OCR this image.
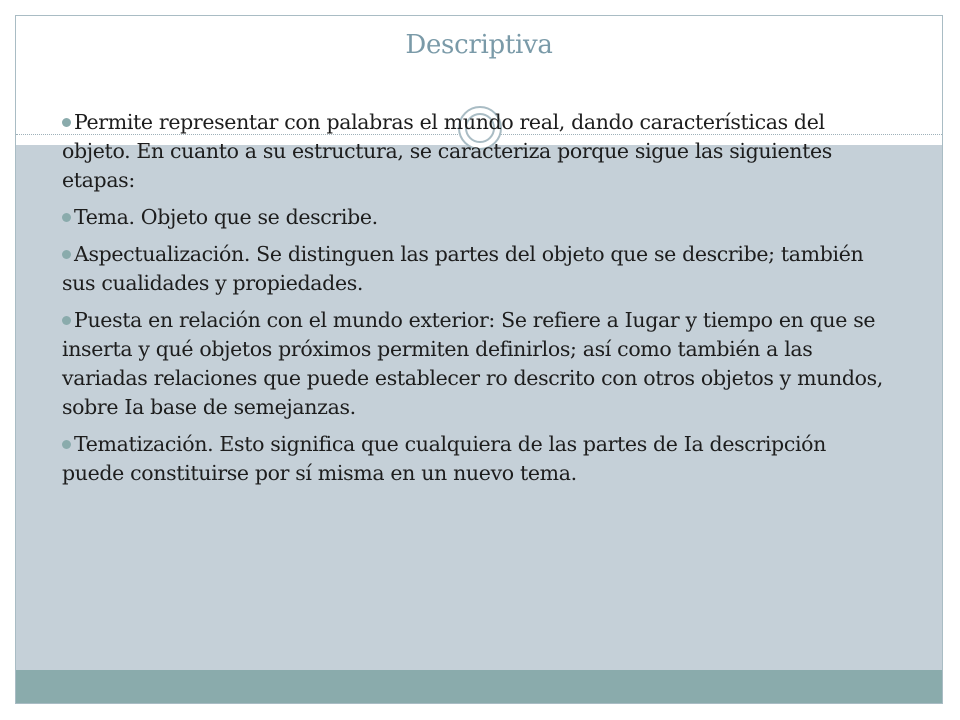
Descriptiva
Permite representar con palabras el mundo real, dando características del objeto. En cuanto a su estructura, se caracteriza porque sigue las siguientes etapas:
Tema. Objeto que se describe.
Aspectualización. Se distinguen las partes del objeto que se describe; también sus cualidades y propiedades.
Puesta en relación con el mundo exterior: Se refiere a Iugar y tiempo en que se inserta y qué objetos próximos permiten definirlos; así como también a las variadas relaciones que puede establecer ro descrito con otros objetos y mundos, sobre Ia base de semejanzas.
Tematización. Esto significa que cualquiera de las partes de Ia descripción puede constituirse por sí misma en un nuevo tema.
